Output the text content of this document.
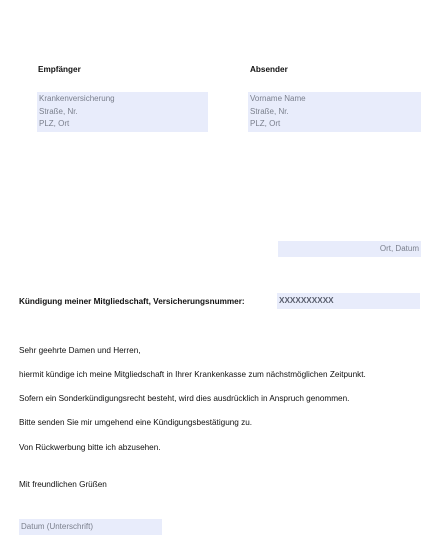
Empfänger
Krankenversicherung
Straße, Nr.
PLZ, Ort
Absender
Vorname Name
Straße, Nr.
PLZ, Ort
Ort, Datum
Kündigung meiner Mitgliedschaft, Versicherungsnummer:	XXXXXXXXXX
Sehr geehrte Damen und Herren,
hiermit kündige ich meine Mitgliedschaft in Ihrer Krankenkasse zum nächstmöglichen Zeitpunkt.
Sofern ein Sonderkündigungsrecht besteht, wird dies ausdrücklich in Anspruch genommen.
Bitte senden Sie mir umgehend eine Kündigungsbestätigung zu.
Von Rückwerbung bitte ich abzusehen.
Mit freundlichen Grüßen
Datum (Unterschrift)
